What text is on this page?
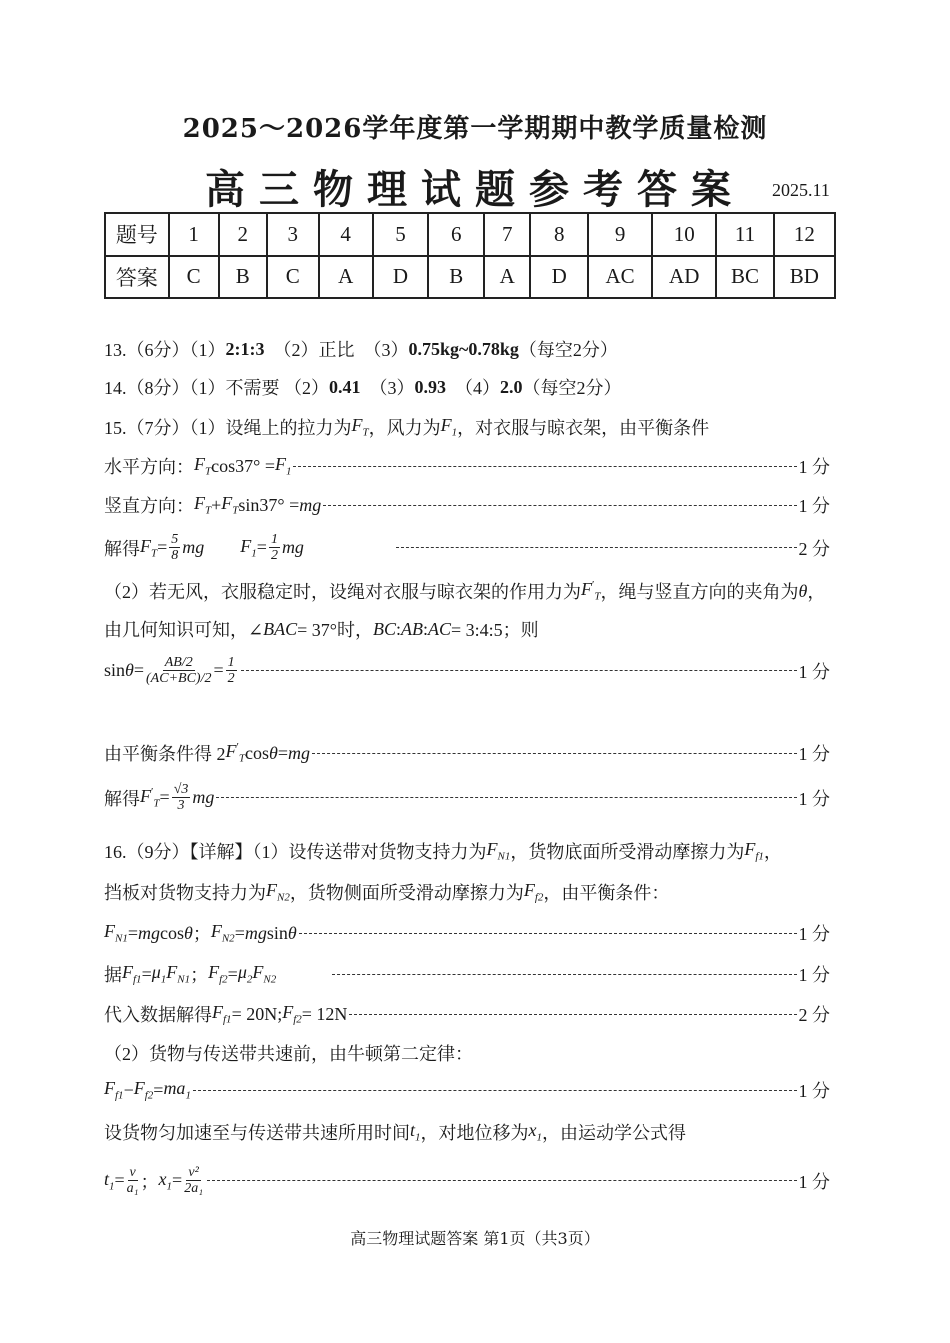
2025～2026学年度第一学期期中教学质量检测
高三物理试题参考答案	2025.11
题号	1	2	3	4	5	6	7	8	9	10	11	12
答案	C	B	C	A	D	B	A	D	AC	AD	BC	BD
13.（6分）（1） 2:1:3 　（2）正比　（3） 0.75kg~0.78kg （每空2分）
14.（8分）（1）不需要 （2） 0.41 　（3） 0.93 　（4） 2.0 （每空2分）
15.（7分）（1）设绳上的拉力为 $F_T$ ，风力为 $F_1$ ，对衣服与晾衣架，由平衡条件
水平方向： $F_T$ $\cos 37^\circ = F_1$	1 分
竖直方向： $F_T + F_T$ sin37° = mg	1 分
解得 $F_T = \frac{5}{8}$ m g
　　 $F_1 = \frac{1}{2}$ mg
　　　　　	2 分
（2）若无风，衣服稳定时，设绳对衣服与晾衣架的作用力为 $F'_T$ ，绳与竖直方向的夹角为 θ ，
由几何知识可知，∠ BAC = 37°时， BC : AB : AC = 3:4:5；则
$\sin \theta = \frac{AB/2}{(AC+BC)/2} = \frac{1}{2}$	1 分
由平衡条件得 2 $F'_T$ cos θ = mg	1 分
解得 $F'_T = \frac{√3}{3}$ mg	1 分
16.（9分）【详解】（1）设传送带对货物支持力为 $F_{N1}$ ，货物底面所受滑动摩擦力为 $F_{f1}$ ，
挡板对货物支持力为 $F_{N2}$ ，货物侧面所受滑动摩擦力为 $F_{f2}$ ，由平衡条件：
$F_{N1}$ = mg cos θ ； $F_{N2}$ = mg sin θ	1 分
据 $F_{f1} = \mu_1$ $F_{N1}$ ； $F_{f2} = \mu_2$ $F_{N2}$
　　　	1 分
代入数据解得 $F_{f1} = 20N$; $F_{f2} = 12N$	2 分
（2）货物与传送带共速前，由牛顿第二定律：
$F_{f1} - F_{f2} = ma_1$	1 分
设货物匀加速至与传送带共速所用时间 $t_1$ ，对地位移为 $x_1$ ，由运动学公式得
$t_1 = \frac{v}{\text{a₁}}$ ； $x_1 = \frac{\text{v²}}{\text{2a₁}}$	1 分
高三物理试题答案 第1页（共3页）
